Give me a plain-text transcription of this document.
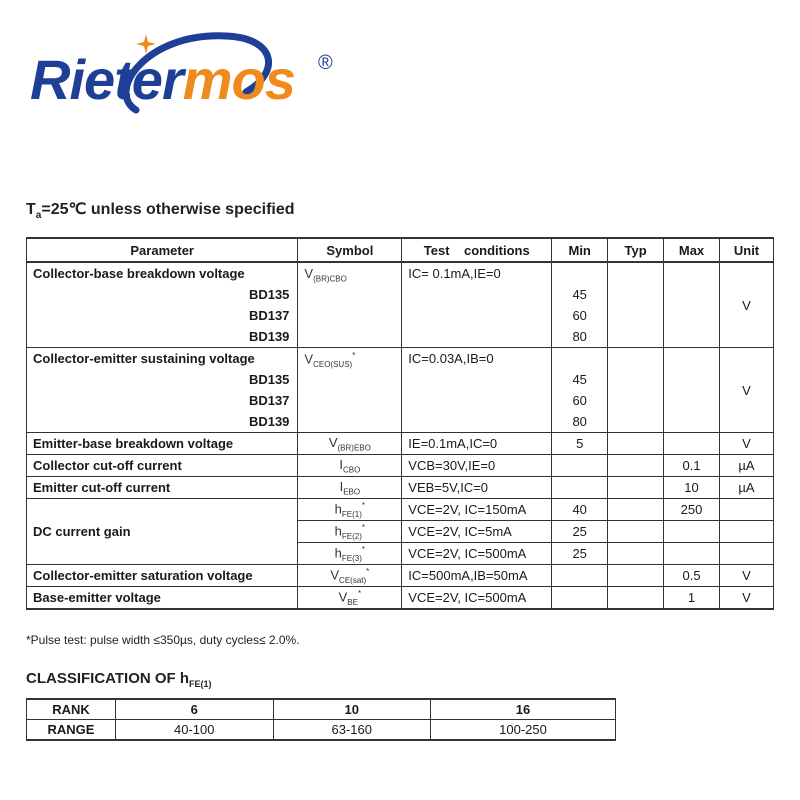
Rietermos ®
$T_a=25℃$ unless otherwise specified
Parameter	Symbol	Test    conditions	Min	Typ	Max	Unit
Collector-base breakdown voltage	$V_{(BR)CBO}$	IC= 0.1mA,IE=0				V
BD135			45			
BD137			60			
BD139			80			
Collector-emitter sustaining voltage	$V_{CEO(SUS)}^*$	IC=0.03A,IB=0				V
BD135			45			
BD137			60			
BD139			80			
Emitter-base breakdown voltage	$V_{(BR)EBO}$	IE=0.1mA,IC=0	5			V
Collector cut-off current	$I_{CBO}$	VCB=30V,IE=0			0.1	µA
Emitter cut-off current	$I_{EBO}$	VEB=5V,IC=0			10	µA
DC current gain	$h_{FE(1)}^*$	VCE=2V, IC=150mA	40		250	
	$h_{FE(2)}^*$	VCE=2V, IC=5mA	25			
	$h_{FE(3)}^*$	VCE=2V, IC=500mA	25			
Collector-emitter saturation voltage	$V_{CE(sat)}^*$	IC=500mA,IB=50mA			0.5	V
Base-emitter voltage	$V_{BE}^*$	VCE=2V, IC=500mA			1	V
*Pulse test: pulse width ≤350µs, duty cycles≤ 2.0%.
CLASSIFICATION OF $h_{FE(1)}$
RANK	6	10	16
RANGE	40-100	63-160	100-250
